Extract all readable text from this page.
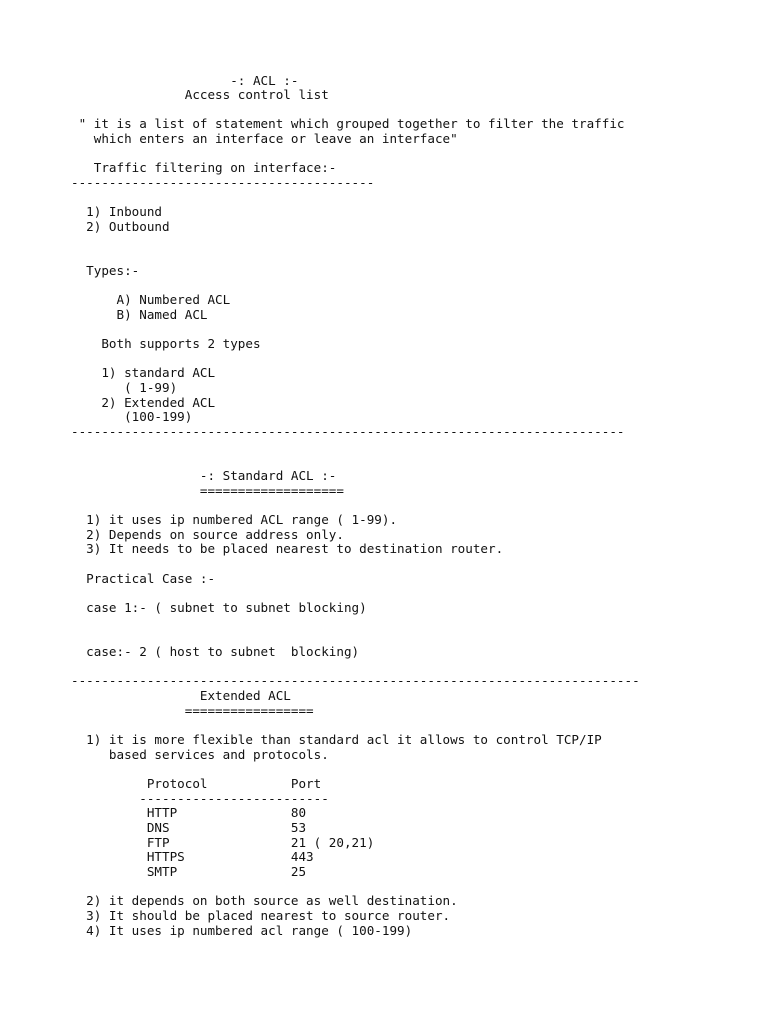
-: ACL :-
Access control list
" it is a list of statement which grouped together to filter the traffic
which enters an interface or leave an interface"
Traffic filtering on interface:-
----------------------------------------
1) Inbound
2) Outbound
Types:-
A) Numbered ACL
B) Named ACL
Both supports 2 types
1) standard ACL
( 1-99)
2) Extended ACL
(100-199)
-------------------------------------------------------------------------
-: Standard ACL :-
===================
1) it uses ip numbered ACL range ( 1-99).
2) Depends on source address only.
3) It needs to be placed nearest to destination router.
Practical Case :-
case 1:- ( subnet to subnet blocking)
case:- 2 ( host to subnet  blocking)
---------------------------------------------------------------------------
Extended ACL
=================
1) it is more flexible than standard acl it allows to control TCP/IP
based services and protocols.
Protocol           Port
-------------------------
HTTP               80
DNS                53
FTP                21 ( 20,21)
HTTPS              443
SMTP               25
2) it depends on both source as well destination.
3) It should be placed nearest to source router.
4) It uses ip numbered acl range ( 100-199)
